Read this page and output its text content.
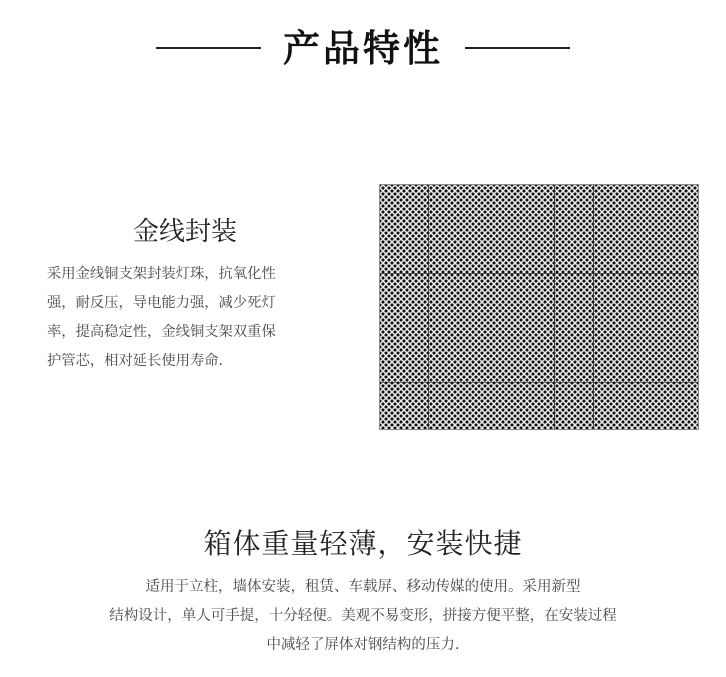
产品特性
金线封装

采用金线铜支架封装灯珠，抗氧化性
强，耐反压，导电能力强，减少死灯
率，提高稳定性，金线铜支架双重保
护管芯，相对延长使用寿命.

箱体重量轻薄，安装快捷

适用于立柱，墙体安装，租赁、车载屏、移动传媒的使用。采用新型
结构设计，单人可手提，十分轻便。美观不易变形，拼接方便平整，在安装过程
中减轻了屏体对钢结构的压力.
